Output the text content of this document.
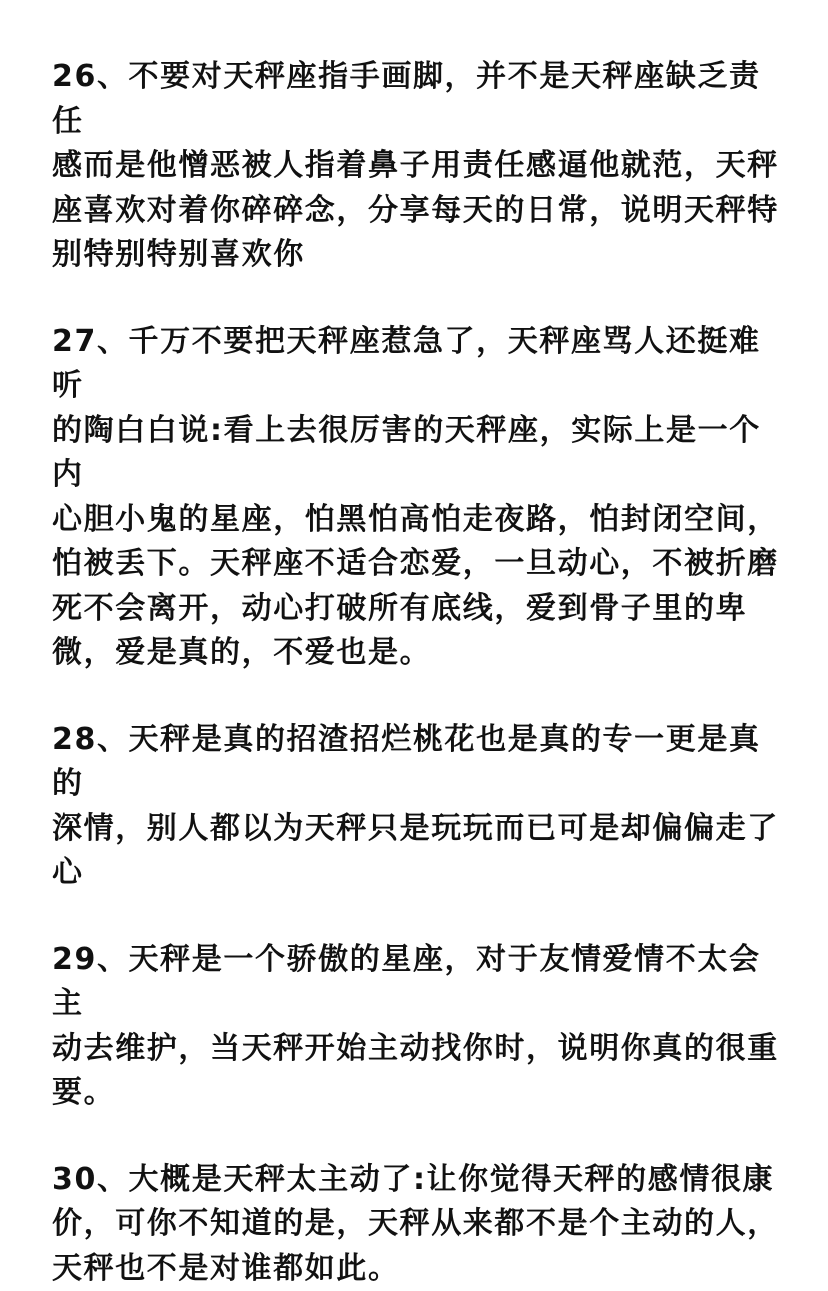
26、不要对天秤座指手画脚，并不是天秤座缺乏责任
感而是他憎恶被人指着鼻子用责任感逼他就范，天秤
座喜欢对着你碎碎念，分享每天的日常，说明天秤特
别特别特别喜欢你

27、千万不要把天秤座惹急了，天秤座骂人还挺难听
的陶白白说:看上去很厉害的天秤座，实际上是一个内
心胆小鬼的星座，怕黑怕高怕走夜路，怕封闭空间，
怕被丢下。天秤座不适合恋爱，一旦动心，不被折磨
死不会离开，动心打破所有底线，爱到骨子里的卑
微，爱是真的，不爱也是。

28、天秤是真的招渣招烂桃花也是真的专一更是真的
深情，别人都以为天秤只是玩玩而已可是却偏偏走了
心

29、天秤是一个骄傲的星座，对于友情爱情不太会主
动去维护，当天秤开始主动找你时，说明你真的很重
要。

30、大概是天秤太主动了:让你觉得天秤的感情很康
价，可你不知道的是，天秤从来都不是个主动的人，
天秤也不是对谁都如此。
